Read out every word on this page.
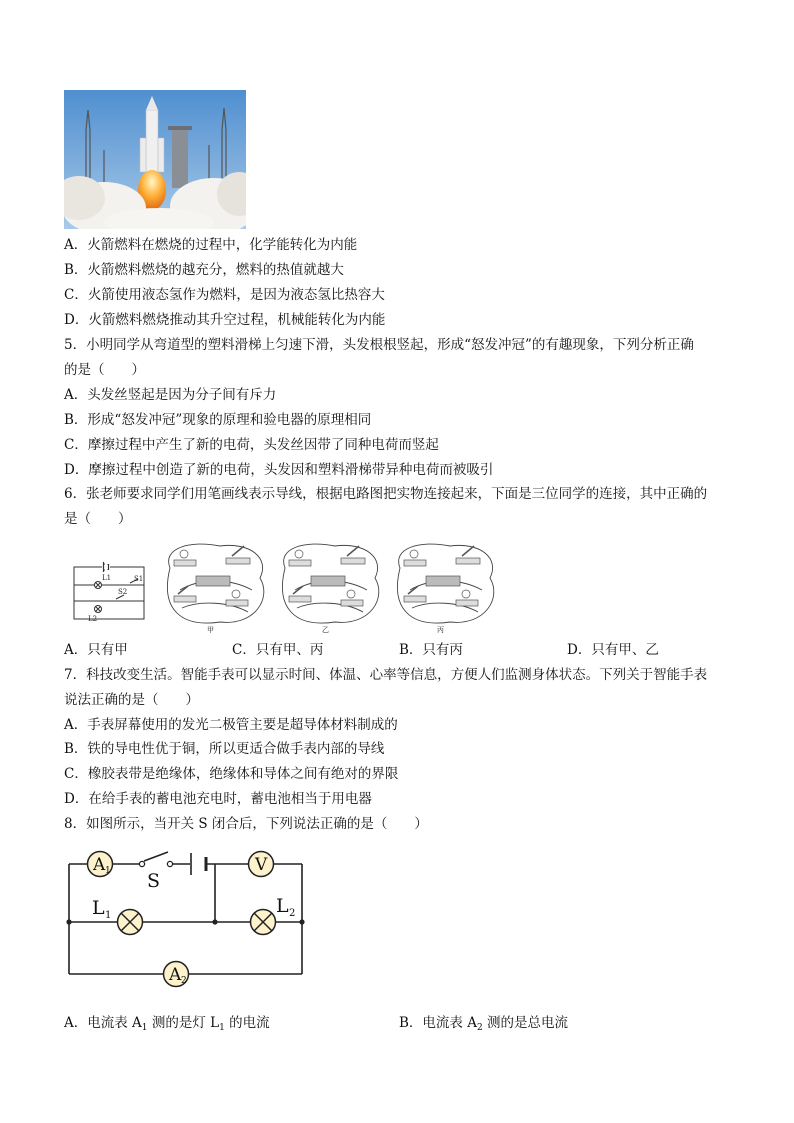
A．火箭燃料在燃烧的过程中，化学能转化为内能
B．火箭燃料燃烧的越充分，燃料的热值就越大
C．火箭使用液态氢作为燃料，是因为液态氢比热容大
D．火箭燃料燃烧推动其升空过程，机械能转化为内能
5．小明同学从弯道型的塑料滑梯上匀速下滑，头发根根竖起，形成“怒发冲冠”的有趣现象，下列分析正确
的是（　　）
A．头发丝竖起是因为分子间有斥力
B．形成“怒发冲冠”现象的原理和验电器的原理相同
C．摩擦过程中产生了新的电荷，头发丝因带了同种电荷而竖起
D．摩擦过程中创造了新的电荷，头发因和塑料滑梯带异种电荷而被吸引
6．张老师要求同学们用笔画线表示导线，根据电路图把实物连接起来，下面是三位同学的连接，其中正确的
是（　　）
L1	S1
S2
L2
甲	乙	丙
A．只有甲	C．只有甲、丙	B．只有丙	D．只有甲、乙
7．科技改变生活。智能手表可以显示时间、体温、心率等信息，方便人们监测身体状态。下列关于智能手表
说法正确的是（　　）
A．手表屏幕使用的发光二极管主要是超导体材料制成的
B．铁的导电性优于铜，所以更适合做手表内部的导线
C．橡胶表带是绝缘体，绝缘体和导体之间有绝对的界限
D．在给手表的蓄电池充电时，蓄电池相当于用电器
8．如图所示，当开关 S 闭合后，下列说法正确的是（　　）
A 1	V
S
L 1	L 2
A 2
A．电流表 $A_1$ 测的是灯 $L_1$ 的电流	B．电流表 $A_2$ 测的是总电流
